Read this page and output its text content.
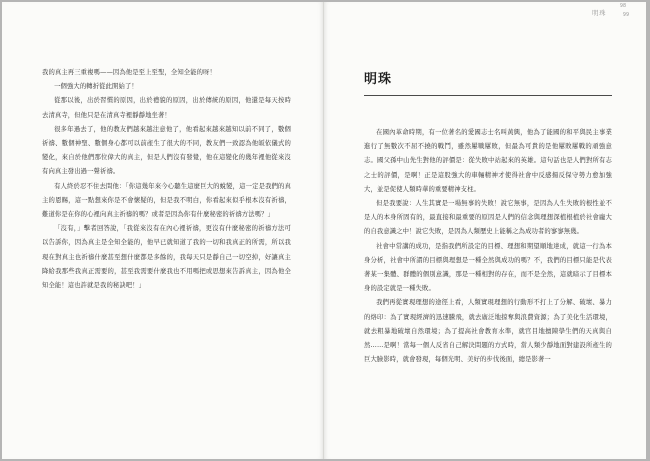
我的真主再三重複嗎——因為他是至上至聖，全知全能的呀！

一個強大的轉折從此開始了！

從那以後，出於習慣的原因，出於禮貌的原因，出於傳統的原因，他還是每天按時去清真寺，但他只是在清真寺裡靜靜地坐著！

很多年過去了，他的教友們越來越注意他了，他看起來越來越知以前不同了，數個祈禱、數個神聖、數個身心都可以前產生了很大的不同，教友們一致認為他皈依儀式的變化，來自於他們那位偉大的真主，但是人們沒有發覺，他在這變化的幾年裡他從來沒有向真主發出過一聲祈禱。

有人終於忍不住去問他：「你這幾年來今心聽生這麼巨大的蛻變，這一定是我們的真主的恩賜，這一點想來你是不會懷疑的，但是我不明白，你看起來似乎根本沒有祈禱，難道你是在你的心裡向真主祈禱的嗎？或者是因為你有什麼秘密的祈禱方法嗎？」

「沒有，」擊者回答說，「我從來沒有在內心裡祈禱，更沒有什麼秘密的祈禱方法可以告訴你，因為真主是全知全能的，他早已就知道了我的一切和我真正的所需，所以我現在對真主也祈禱什麼甚至想什麼都是多餘的，我每天只是靜自己一切空掉，好讓真主降給我那些我真正需要的，甚至我需要什麼我也不用嗎把或思想來告訴真主，因為他全知全能！這也許就是我的秘訣吧！」

明珠
98
99
明珠

在國內革命時期，有一位著名的愛國志士名叫黃興，他為了能國的和平與民主事業進行了無數次不屈不撓的戰鬥，雖然屢戰屢敗，但最為可貴的是他屢敗屢戰的頑強意志。國父孫中山先生對他的評價是：從失敗中站起來的英雄。這句話也是人們對所有志之士的評價，是啊！正是這股強大的車輛精神才使得社會中反感揚反保守勢力愈加強大，並是促使人類時華的重要精神支柱。

但是我要說：人生其實是一場無事的失敗！說它無事，是因為人生失敗的根性並不是人的本身所固有的，最直接和最重要的原因是人們的信念與理想深植根植於社會龐大的自我意識之中！說它失敗，是因為人類歷史上能稱之為成功者的寥寥無幾。

社會中常講的成功，是指我們所設定的目標、理想和期望順地達成，就這一行為本身分析，社會中所謂的目標與理想是一種全然與成功的嗎？不，我們的目標只能是代表著某一集體、群體的個別意識，那是一種相對的存在，而不是全然，這就暗示了目標本身的設定就是一種失敗。

我們再從實現理想的途徑上看，人類實現理想的行動形不打上了分解、破壞、暴力的烙印：為了實現經濟的迅速騰飛，就去廣泛地掠奪與浪費資源；為了美化生活環境，就去粗暴地破壞自然環境；為了提高社會教育水準，就官目地擅陳學生們的天真與自然……是啊！當每一個人反省自己解決問題的方式時，當人類少靜地面對建設所產生的巨大臉影時，就會發現，每個光明、美好的步伐後面，總是影著一
